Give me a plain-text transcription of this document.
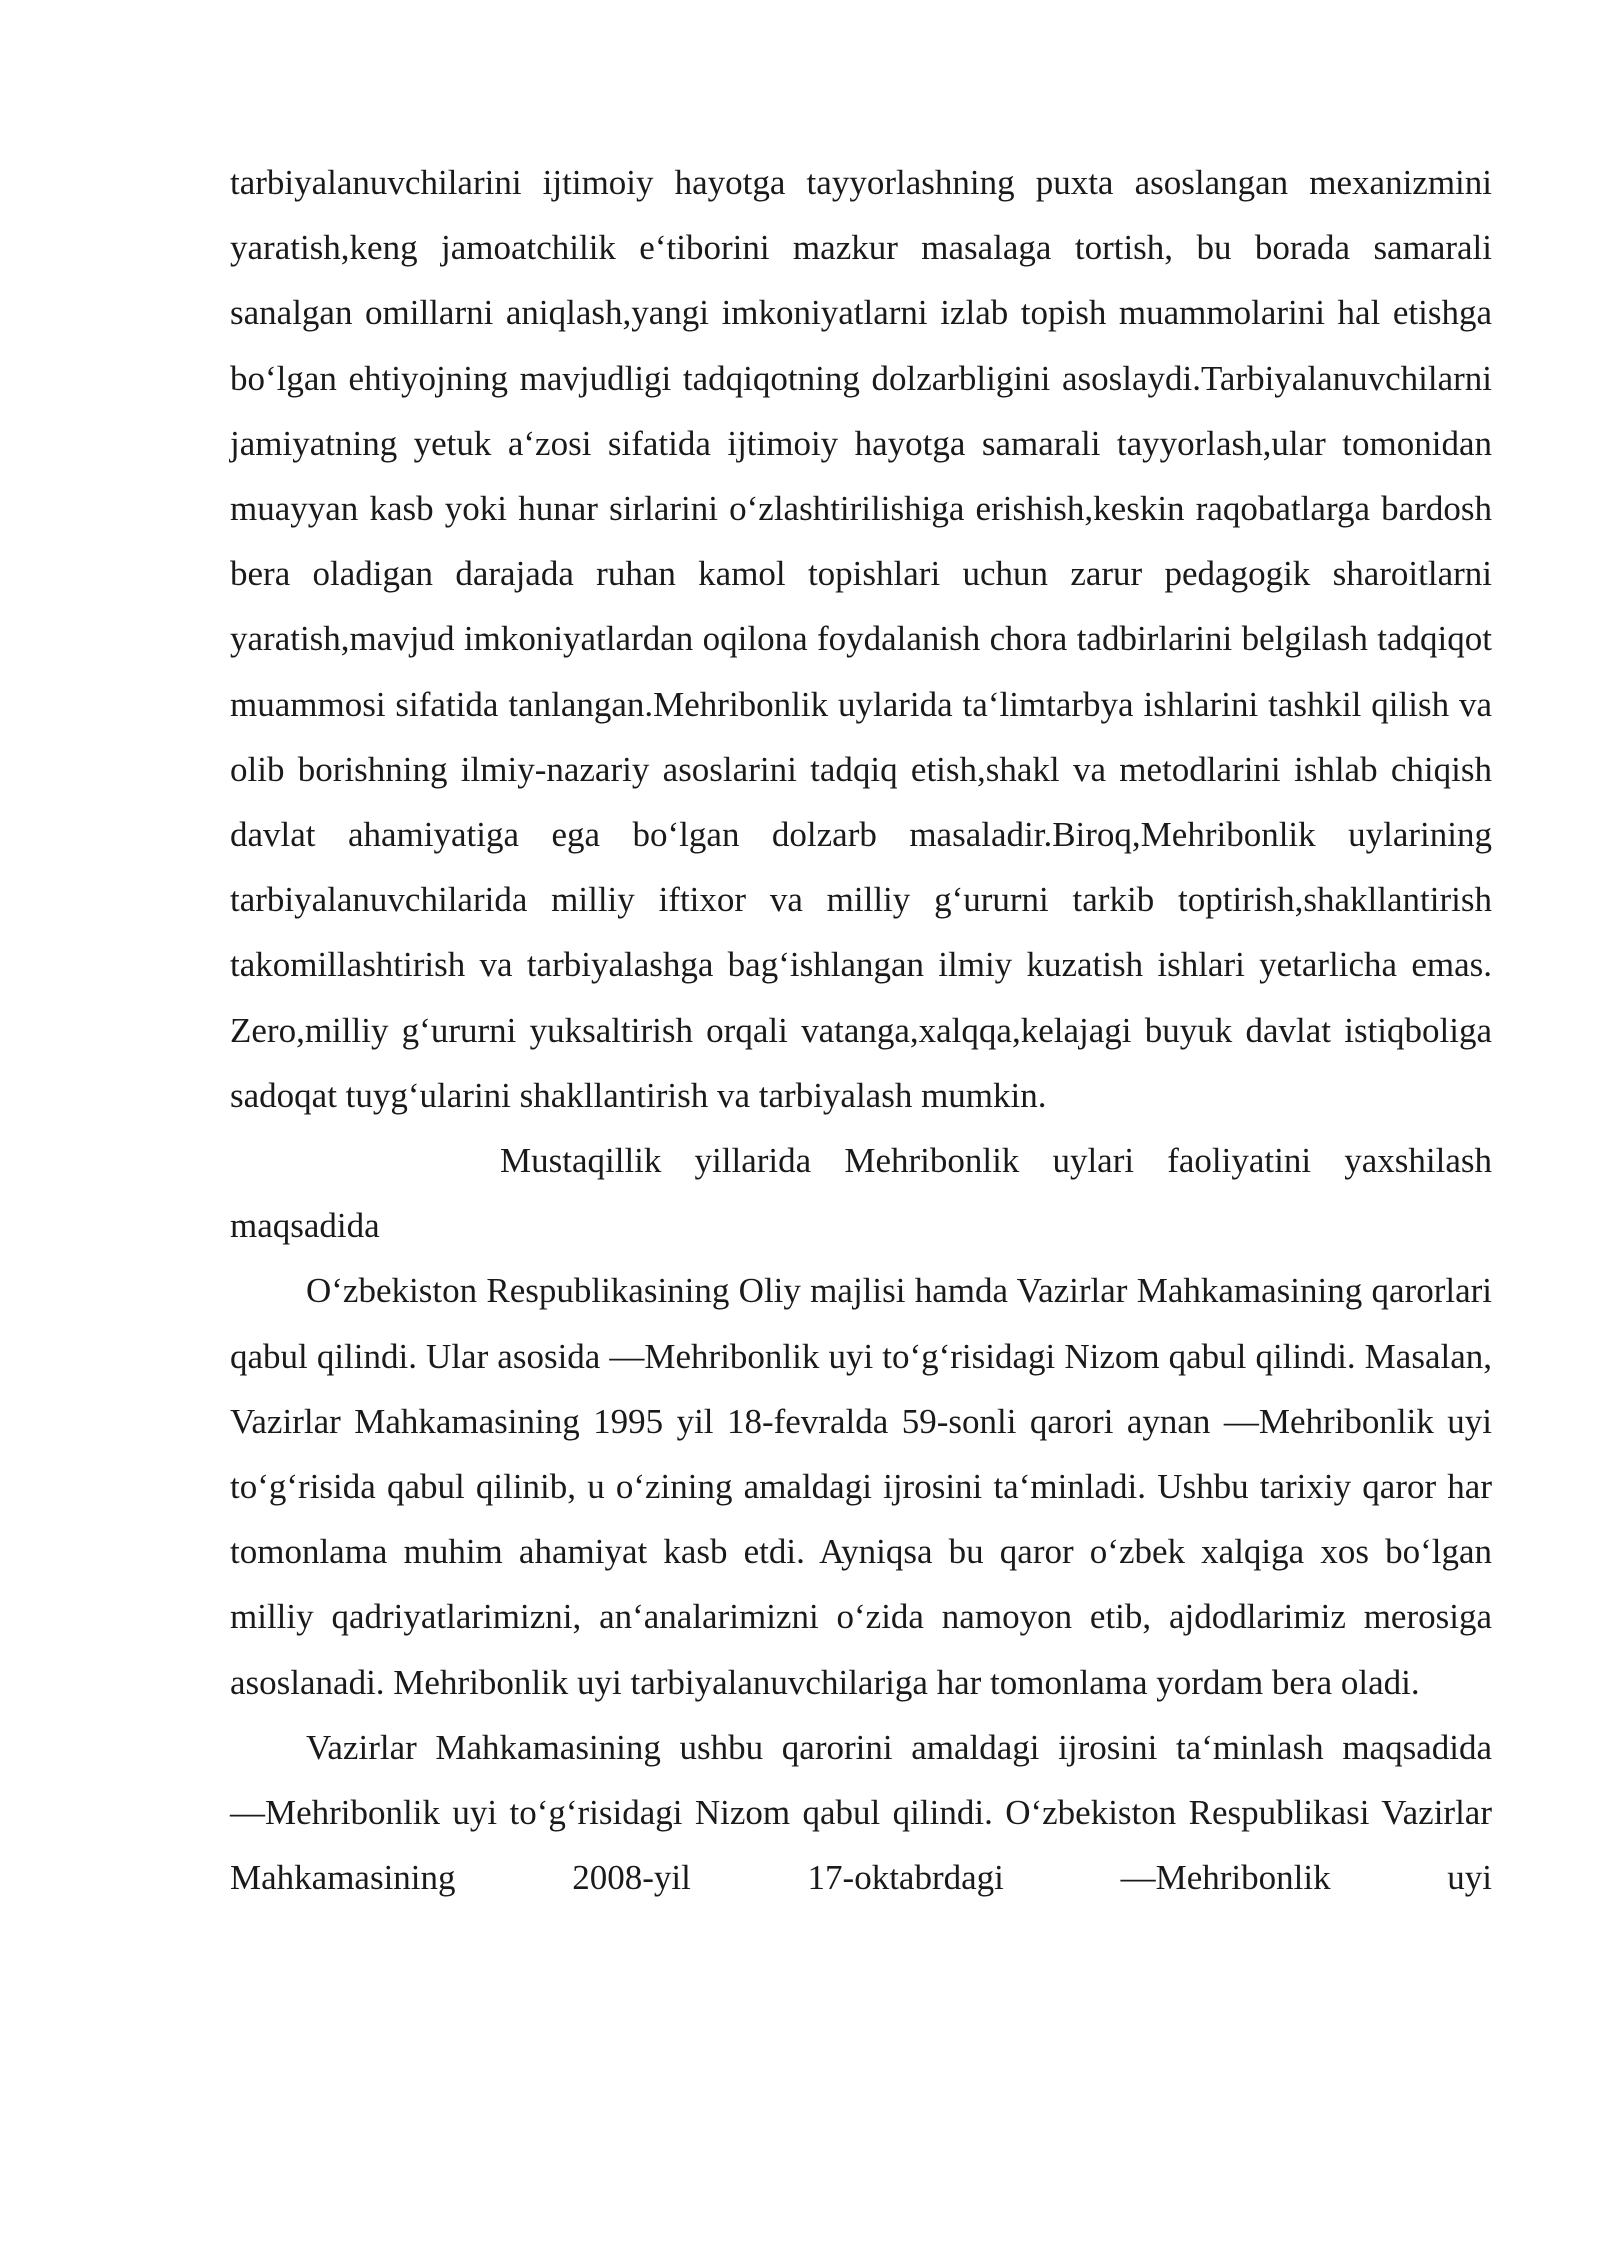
tarbiyalanuvchilarini ijtimoiy hayotga tayyorlashning puxta asoslangan mexanizmini yaratish,keng jamoatchilik e‘tiborini mazkur masalaga tortish, bu borada samarali sanalgan omillarni aniqlash,yangi imkoniyatlarni izlab topish muammolarini hal etishga bo‘lgan ehtiyojning mavjudligi tadqiqotning dolzarbligini asoslaydi.Tarbiyalanuvchilarni jamiyatning yetuk a‘zosi sifatida ijtimoiy hayotga samarali tayyorlash,ular tomonidan muayyan kasb yoki hunar sirlarini o‘zlashtirilishiga erishish,keskin raqobatlarga bardosh bera oladigan darajada ruhan kamol topishlari uchun zarur pedagogik sharoitlarni yaratish,mavjud imkoniyatlardan oqilona foydalanish chora tadbirlarini belgilash tadqiqot muammosi sifatida tanlangan.Mehribonlik uylarida ta‘limtarbya ishlarini tashkil qilish va olib borishning ilmiy-nazariy asoslarini tadqiq etish,shakl va metodlarini ishlab chiqish davlat ahamiyatiga ega bo‘lgan dolzarb masaladir.Biroq,Mehribonlik uylarining tarbiyalanuvchilarida milliy iftixor va milliy g‘ururni tarkib toptirish,shakllantirish takomillashtirish va tarbiyalashga bag‘ishlangan ilmiy kuzatish ishlari yetarlicha emas. Zero,milliy g‘ururni yuksaltirish orqali vatanga,xalqqa,kelajagi buyuk davlat istiqboliga sadoqat tuyg‘ularini shakllantirish va tarbiyalash mumkin.

Mustaqillik yillarida Mehribonlik uylari faoliyatini yaxshilash maqsadida

O‘zbekiston Respublikasining Oliy majlisi hamda Vazirlar Mahkamasining qarorlari qabul qilindi. Ular asosida ―Mehribonlik uyi to‘g‘risidagi Nizom qabul qilindi. Masalan, Vazirlar Mahkamasining 1995 yil 18-fevralda 59-sonli qarori aynan ―Mehribonlik uyi to‘g‘risida qabul qilinib, u o‘zining amaldagi ijrosini ta‘minladi. Ushbu tarixiy qaror har tomonlama muhim ahamiyat kasb etdi. Ayniqsa bu qaror o‘zbek xalqiga xos bo‘lgan milliy qadriyatlarimizni, an‘analarimizni o‘zida namoyon etib, ajdodlarimiz merosiga asoslanadi. Mehribonlik uyi tarbiyalanuvchilariga har tomonlama yordam bera oladi.

Vazirlar Mahkamasining ushbu qarorini amaldagi ijrosini ta‘minlash maqsadida ―Mehribonlik uyi to‘g‘risidagi Nizom qabul qilindi. O‘zbekiston Respublikasi Vazirlar Mahkamasining 2008-yil 17-oktabrdagi ―Mehribonlik uyi
